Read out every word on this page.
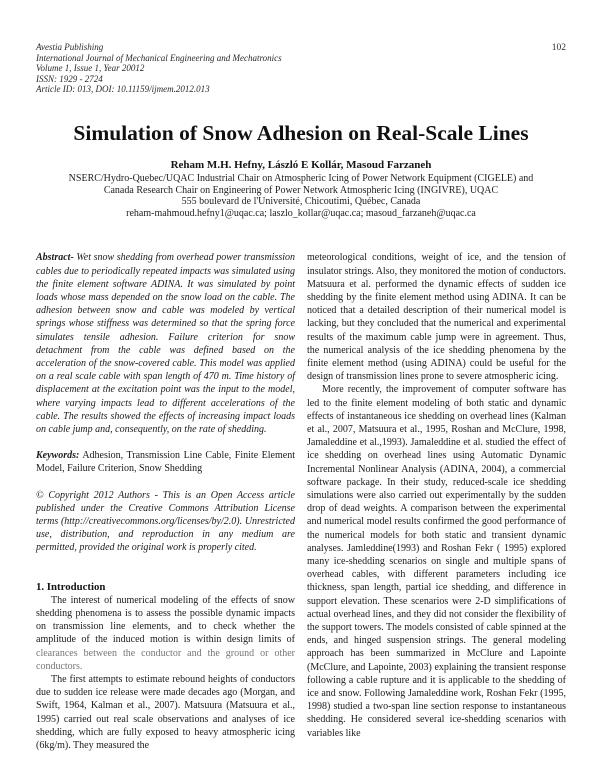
Avestia Publishing
International Journal of Mechanical Engineering and Mechatronics
Volume 1, Issue 1, Year 20012
ISSN: 1929 - 2724
Article ID: 013, DOI: 10.11159/ijmem.2012.013
102
Simulation of Snow Adhesion on Real-Scale Lines
Reham M.H. Hefny, László E Kollár, Masoud Farzaneh
NSERC/Hydro-Quebec/UQAC Industrial Chair on Atmospheric Icing of Power Network Equipment (CIGELE) and
Canada Research Chair on Engineering of Power Network Atmospheric Icing (INGIVRE), UQAC
555 boulevard de l'Université, Chicoutimi, Québec, Canada
reham-mahmoud.hefny1@uqac.ca; laszlo_kollar@uqac.ca; masoud_farzaneh@uqac.ca

Abstract- Wet snow shedding from overhead power transmission cables due to periodically repeated impacts was simulated using the finite element software ADINA. It was simulated by point loads whose mass depended on the snow load on the cable. The adhesion between snow and cable was modeled by vertical springs whose stiffness was determined so that the spring force simulates tensile adhesion. Failure criterion for snow detachment from the cable was defined based on the acceleration of the snow-covered cable. This model was applied on a real scale cable with span length of 470 m. Time history of displacement at the excitation point was the input to the model, where varying impacts lead to different accelerations of the cable. The results showed the effects of increasing impact loads on cable jump and, consequently, on the rate of shedding.

Keywords: Adhesion, Transmission Line Cable, Finite Element Model, Failure Criterion, Snow Shedding

© Copyright 2012 Authors - This is an Open Access article published under the Creative Commons Attribution License terms (http://creativecommons.org/licenses/by/2.0). Unrestricted use, distribution, and reproduction in any medium are permitted, provided the original work is properly cited.

1. Introduction

The interest of numerical modeling of the effects of snow shedding phenomena is to assess the possible dynamic impacts on transmission line elements, and to check whether the amplitude of the induced motion is within design limits of clearances between the conductor and the ground or other conductors.

The first attempts to estimate rebound heights of conductors due to sudden ice release were made decades ago (Morgan, and Swift, 1964, Kalman et al., 2007). Matsuura (Matsuura et al., 1995) carried out real scale observations and analyses of ice shedding, which are fully exposed to heavy atmospheric icing (6kg/m). They measured the

meteorological conditions, weight of ice, and the tension of insulator strings. Also, they monitored the motion of conductors. Matsuura et al. performed the dynamic effects of sudden ice shedding by the finite element method using ADINA. It can be noticed that a detailed description of their numerical model is lacking, but they concluded that the numerical and experimental results of the maximum cable jump were in agreement. Thus, the numerical analysis of the ice shedding phenomena by the finite element method (using ADINA) could be useful for the design of transmission lines prone to severe atmospheric icing.

More recently, the improvement of computer software has led to the finite element modeling of both static and dynamic effects of instantaneous ice shedding on overhead lines (Kalman et al., 2007, Matsuura et al., 1995, Roshan and McClure, 1998, Jamaleddine et al.,1993). Jamaleddine et al. studied the effect of ice shedding on overhead lines using Automatic Dynamic Incremental Nonlinear Analysis (ADINA, 2004), a commercial software package. In their study, reduced-scale ice shedding simulations were also carried out experimentally by the sudden drop of dead weights. A comparison between the experimental and numerical model results confirmed the good performance of the numerical models for both static and transient dynamic analyses. Jamleddine(1993) and Roshan Fekr ( 1995) explored many ice-shedding scenarios on single and multiple spans of overhead cables, with different parameters including ice thickness, span length, partial ice shedding, and difference in support elevation. These scenarios were 2-D simplifications of actual overhead lines, and they did not consider the flexibility of the support towers. The models consisted of cable spinned at the ends, and hinged suspension strings. The general modeling approach has been summarized in McClure and Lapointe (McClure, and Lapointe, 2003) explaining the transient response following a cable rupture and it is applicable to the shedding of ice and snow. Following Jamaleddine work, Roshan Fekr (1995, 1998) studied a two-span line section response to instantaneous shedding. He considered several ice-shedding scenarios with variables like
